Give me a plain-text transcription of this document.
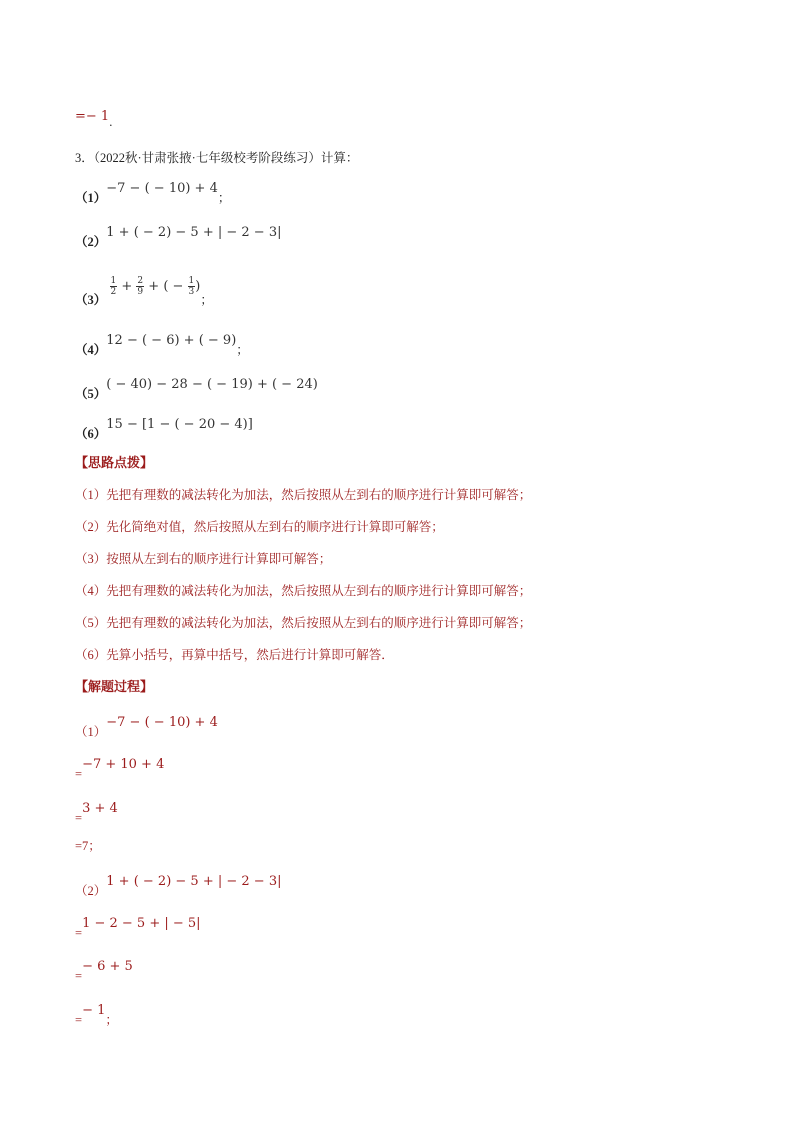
=− 1.
3．（2022秋·甘肃张掖·七年级校考阶段练习）计算：
（1）−7 − ( − 10) + 4；
（2）1 + ( − 2) − 5 + | − 2 − 3|
（3）
$\frac{1}{2} + \frac{2}{9}$ + ( − $\frac{1}{3}$ )；
（4）12 − ( − 6) + ( − 9)；
（5）( − 40) − 28 − ( − 19) + ( − 24)
（6）15 − [1 − ( − 20 − 4)]
【思路点拨】
（1）先把有理数的减法转化为加法，然后按照从左到右的顺序进行计算即可解答；
（2）先化简绝对值，然后按照从左到右的顺序进行计算即可解答；
（3）按照从左到右的顺序进行计算即可解答；
（4）先把有理数的减法转化为加法，然后按照从左到右的顺序进行计算即可解答；
（5）先把有理数的减法转化为加法，然后按照从左到右的顺序进行计算即可解答；
（6）先算小括号，再算中括号，然后进行计算即可解答．
【解题过程】
（1）−7 − ( − 10) + 4
=−7 + 10 + 4
=3 + 4
=7；
（2）1 + ( − 2) − 5 + | − 2 − 3|
=1 − 2 − 5 + | − 5|
=− 6 + 5
=− 1；
